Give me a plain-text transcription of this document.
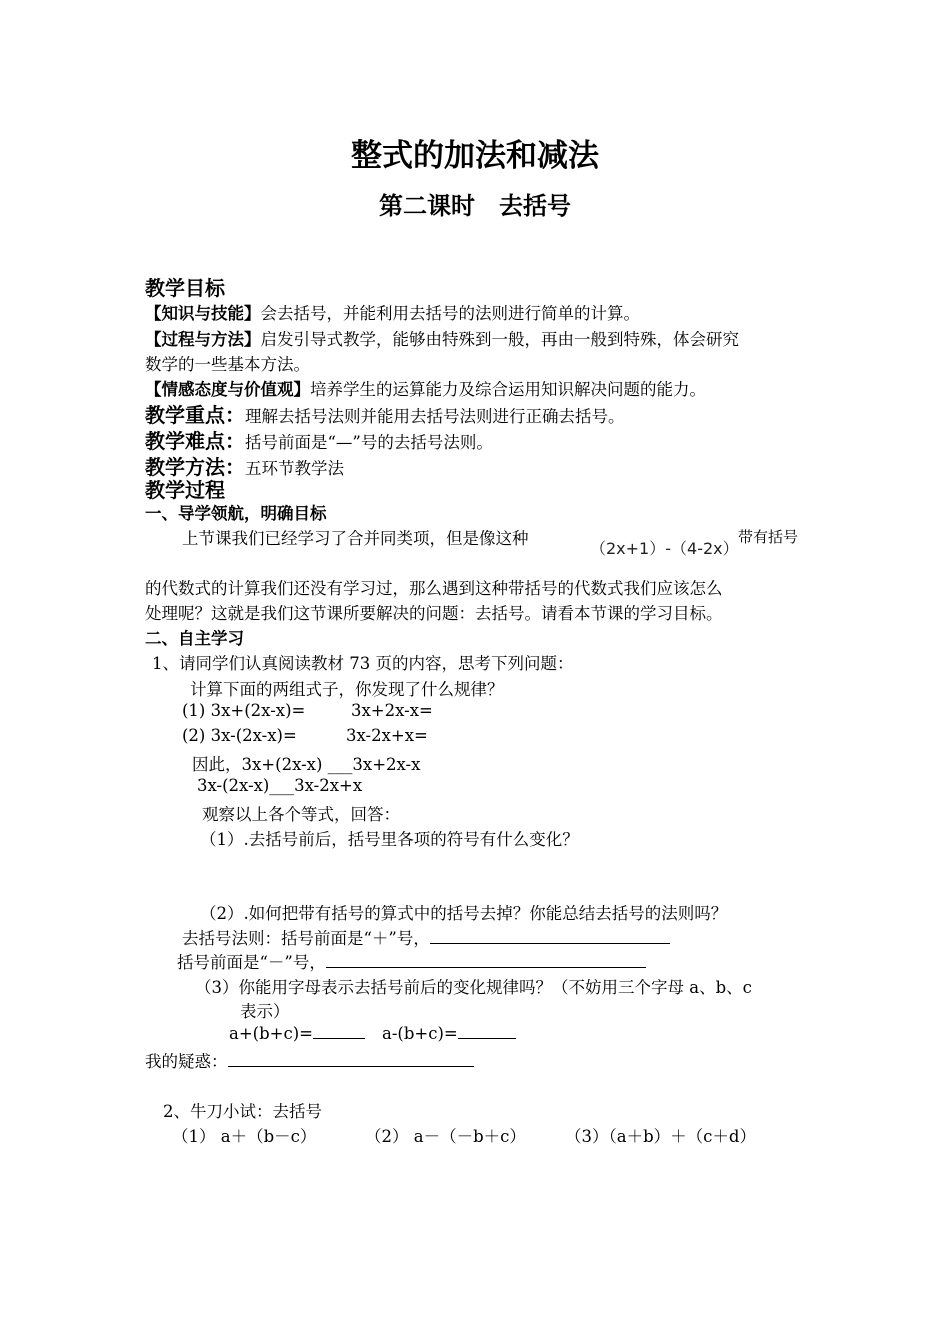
整式的加法和减法
第二课时　去括号
教学目标
【知识与技能】会去括号，并能利用去括号的法则进行简单的计算。
【过程与方法】启发引导式教学，能够由特殊到一般，再由一般到特殊，体会研究
数学的一些基本方法。
【情感态度与价值观】培养学生的运算能力及综合运用知识解决问题的能力。
教学重点：理解去括号法则并能用去括号法则进行正确去括号。
教学难点：括号前面是“—”号的去括号法则。
教学方法：五环节教学法
教学过程
一、导学领航，明确目标
上节课我们已经学习了合并同类项，但是像这种
（2x+1）-（4-2x）
带有括号
的代数式的计算我们还没有学习过，那么遇到这种带括号的代数式我们应该怎么
处理呢？这就是我们这节课所要解决的问题：去括号。请看本节课的学习目标。
二、自主学习
1、请同学们认真阅读教材 73 页的内容，思考下列问题：
计算下面的两组式子，你发现了什么规律？
(1) 3x+(2x-x)=	3x+2x-x=
(2) 3x-(2x-x)=	3x-2x+x=
因此，3x+(2x-x) ___3x+2x-x
3x-(2x-x)___3x-2x+x
观察以上各个等式，回答：
（1）.去括号前后，括号里各项的符号有什么变化？
（2）.如何把带有括号的算式中的括号去掉？你能总结去括号的法则吗？
去括号法则：括号前面是“＋”号，
括号前面是“－”号，
（3）你能用字母表示去括号前后的变化规律吗？（不妨用三个字母 a、b、c
表示）
a+(b+c)=	a-(b+c)=
我的疑惑：
2、牛刀小试：去括号
（1） a＋（b－c）	（2） a－（－b＋c） （3）（a＋b）＋（c＋d）
